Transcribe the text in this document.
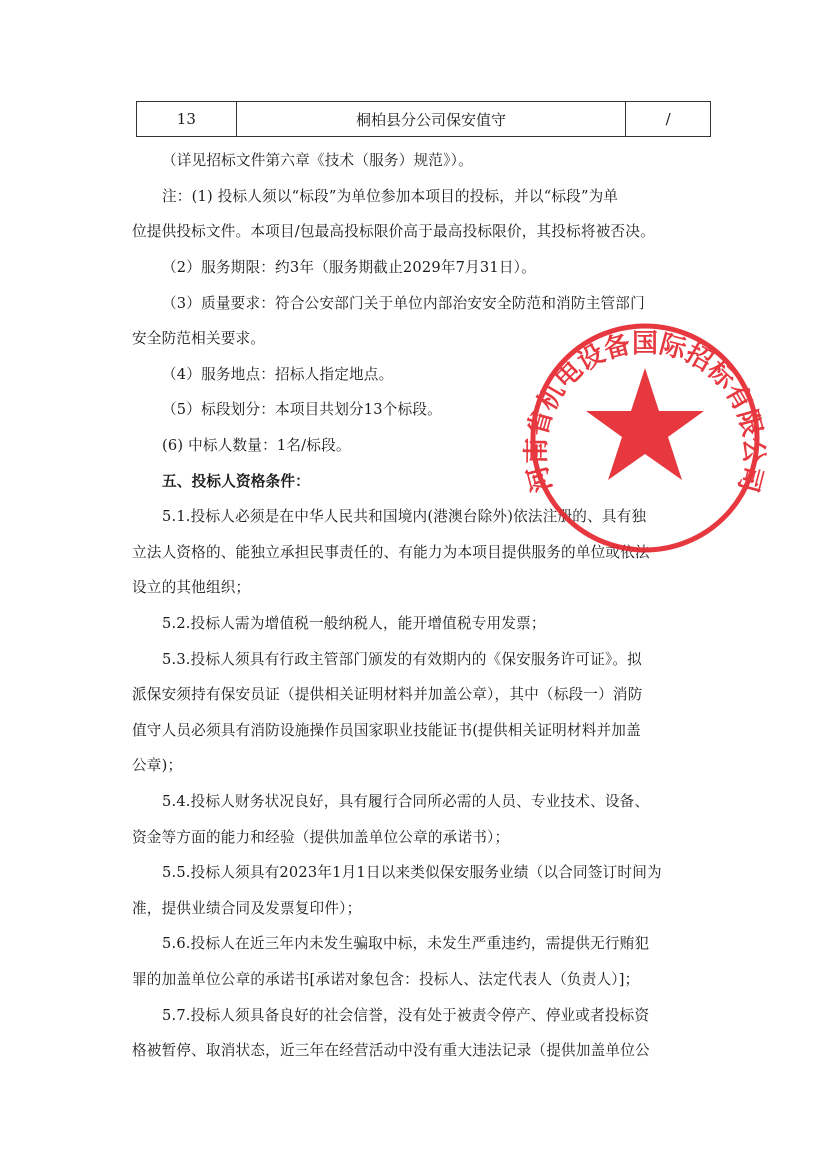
13	桐柏县分公司保安值守	/
（详见招标文件第六章《技术（服务）规范》）。
注：(1) 投标人须以“标段”为单位参加本项目的投标，并以“标段”为单
位提供投标文件。本项目/包最高投标限价高于最高投标限价，其投标将被否决。
（2）服务期限：约3年（服务期截止2029年7月31日）。
（3）质量要求：符合公安部门关于单位内部治安安全防范和消防主管部门
安全防范相关要求。
（4）服务地点：招标人指定地点。
（5）标段划分：本项目共划分13个标段。
(6) 中标人数量：1名/标段。
五、投标人资格条件：
5.1.投标人必须是在中华人民共和国境内(港澳台除外)依法注册的、具有独
立法人资格的、能独立承担民事责任的、有能力为本项目提供服务的单位或依法
设立的其他组织；
5.2.投标人需为增值税一般纳税人，能开增值税专用发票；
5.3.投标人须具有行政主管部门颁发的有效期内的《保安服务许可证》。拟
派保安须持有保安员证（提供相关证明材料并加盖公章），其中（标段一）消防
值守人员必须具有消防设施操作员国家职业技能证书(提供相关证明材料并加盖
公章)；
5.4.投标人财务状况良好，具有履行合同所必需的人员、专业技术、设备、
资金等方面的能力和经验（提供加盖单位公章的承诺书）；
5.5.投标人须具有2023年1月1日以来类似保安服务业绩（以合同签订时间为
准，提供业绩合同及发票复印件）；
5.6.投标人在近三年内未发生骗取中标，未发生严重违约，需提供无行贿犯
罪的加盖单位公章的承诺书[承诺对象包含：投标人、法定代表人（负责人）]；
5.7.投标人须具备良好的社会信誉，没有处于被责令停产、停业或者投标资
格被暂停、取消状态，近三年在经营活动中没有重大违法记录（提供加盖单位公
河南省机电设备国际招标有限公司
